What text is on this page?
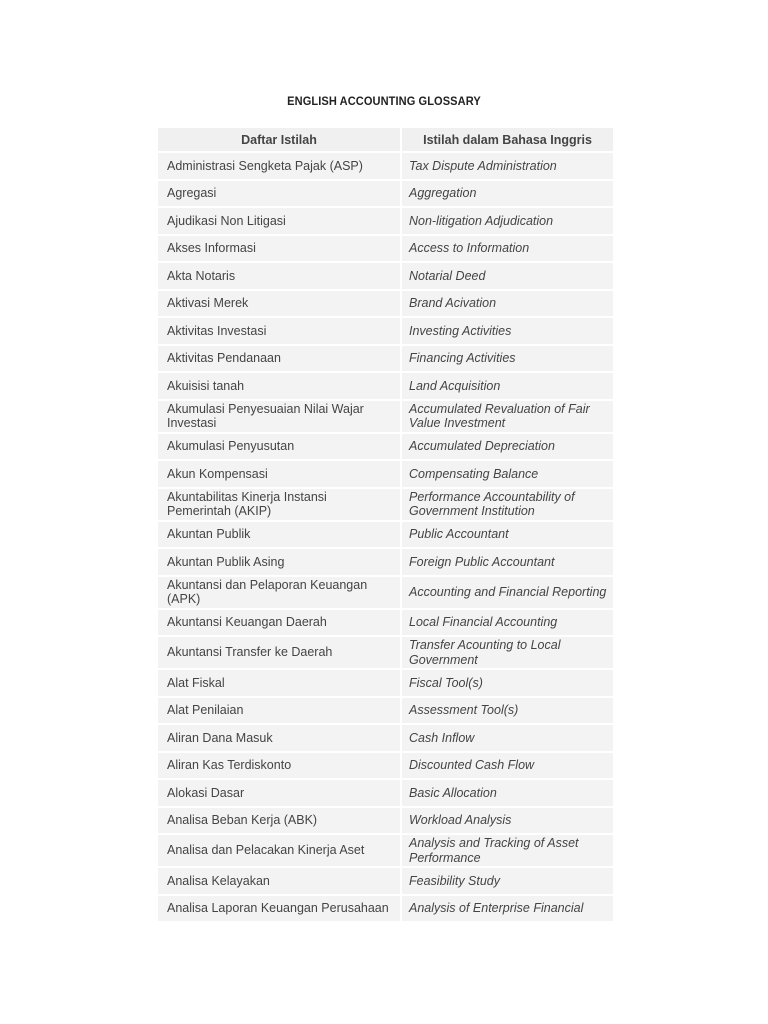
ENGLISH ACCOUNTING GLOSSARY
Daftar Istilah	Istilah dalam Bahasa Inggris
Administrasi Sengketa Pajak (ASP)	Tax Dispute Administration
Agregasi	Aggregation
Ajudikasi Non Litigasi	Non-litigation Adjudication
Akses Informasi	Access to Information
Akta Notaris	Notarial Deed
Aktivasi Merek	Brand Acivation
Aktivitas Investasi	Investing Activities
Aktivitas Pendanaan	Financing Activities
Akuisisi tanah	Land Acquisition
Akumulasi Penyesuaian Nilai Wajar Investasi	Accumulated Revaluation of Fair Value Investment
Akumulasi Penyusutan	Accumulated Depreciation
Akun Kompensasi	Compensating Balance
Akuntabilitas Kinerja Instansi Pemerintah (AKIP)	Performance Accountability of Government Institution
Akuntan Publik	Public Accountant
Akuntan Publik Asing	Foreign Public Accountant
Akuntansi dan Pelaporan Keuangan (APK)	Accounting and Financial Reporting
Akuntansi Keuangan Daerah	Local Financial Accounting
Akuntansi Transfer ke Daerah	Transfer Acounting to Local Government
Alat Fiskal	Fiscal Tool(s)
Alat Penilaian	Assessment Tool(s)
Aliran Dana Masuk	Cash Inflow
Aliran Kas Terdiskonto	Discounted Cash Flow
Alokasi Dasar	Basic Allocation
Analisa Beban Kerja (ABK)	Workload Analysis
Analisa dan Pelacakan Kinerja Aset	Analysis and Tracking of Asset Performance
Analisa Kelayakan	Feasibility Study
Analisa Laporan Keuangan Perusahaan	Analysis of Enterprise Financial
